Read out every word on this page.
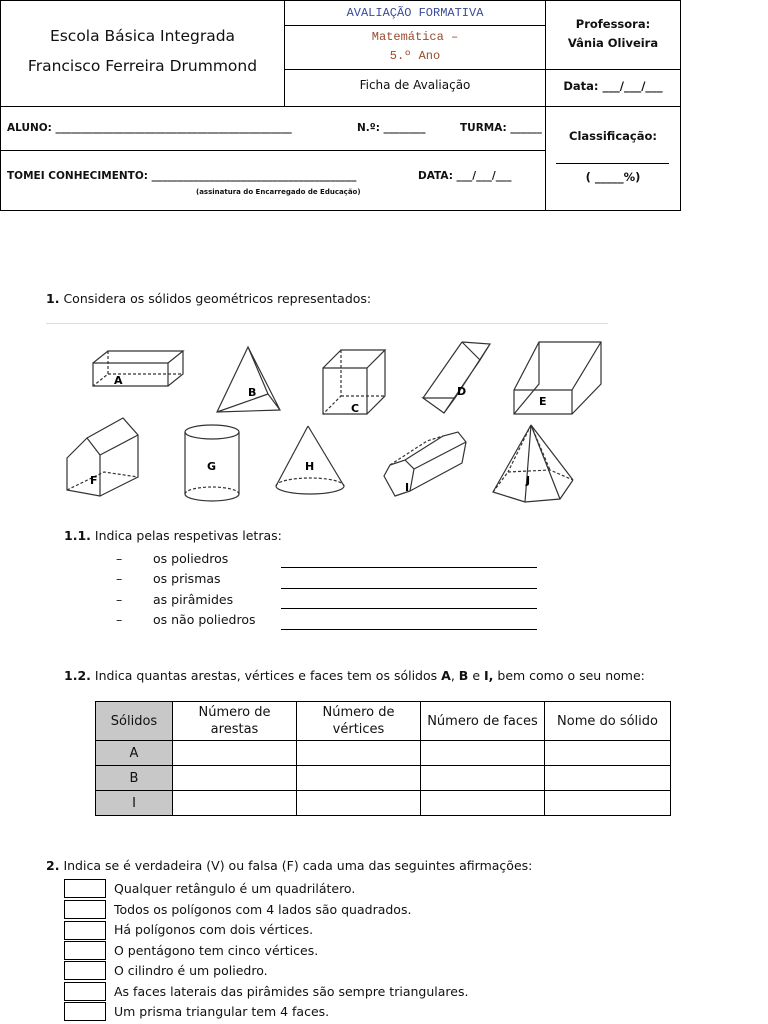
Escola Básica Integrada
Francisco Ferreira Drummond
AVALIAÇÃO FORMATIVA
Matemática –
5.º Ano
Ficha de Avaliação
Professora:
Vânia Oliveira
Data: ___/___/___
ALUNO: _____________________________________________	N.º: ________	TURMA: ______
TOMEI CONHECIMENTO: _______________________________________	DATA: ___/___/___
(assinatura do Encarregado de Educação)
Classificação:
( _____%)
1. Considera os sólidos geométricos representados:
A
B
C
D
E
F
G	H
I
J
1.1. Indica pelas respetivas letras:
– os poliedros
– os prismas
– as pirâmides
– os não poliedros
1.2. Indica quantas arestas, vértices e faces tem os sólidos A, B e I, bem como o seu nome:
Sólidos	Número de arestas	Número de vértices	Número de faces	Nome do sólido
A				
B				
I				
2. Indica se é verdadeira (V) ou falsa (F) cada uma das seguintes afirmações:
Qualquer retângulo é um quadrilátero.
Todos os polígonos com 4 lados são quadrados.
Há polígonos com dois vértices.
O pentágono tem cinco vértices.
O cilindro é um poliedro.
As faces laterais das pirâmides são sempre triangulares.
Um prisma triangular tem 4 faces.
